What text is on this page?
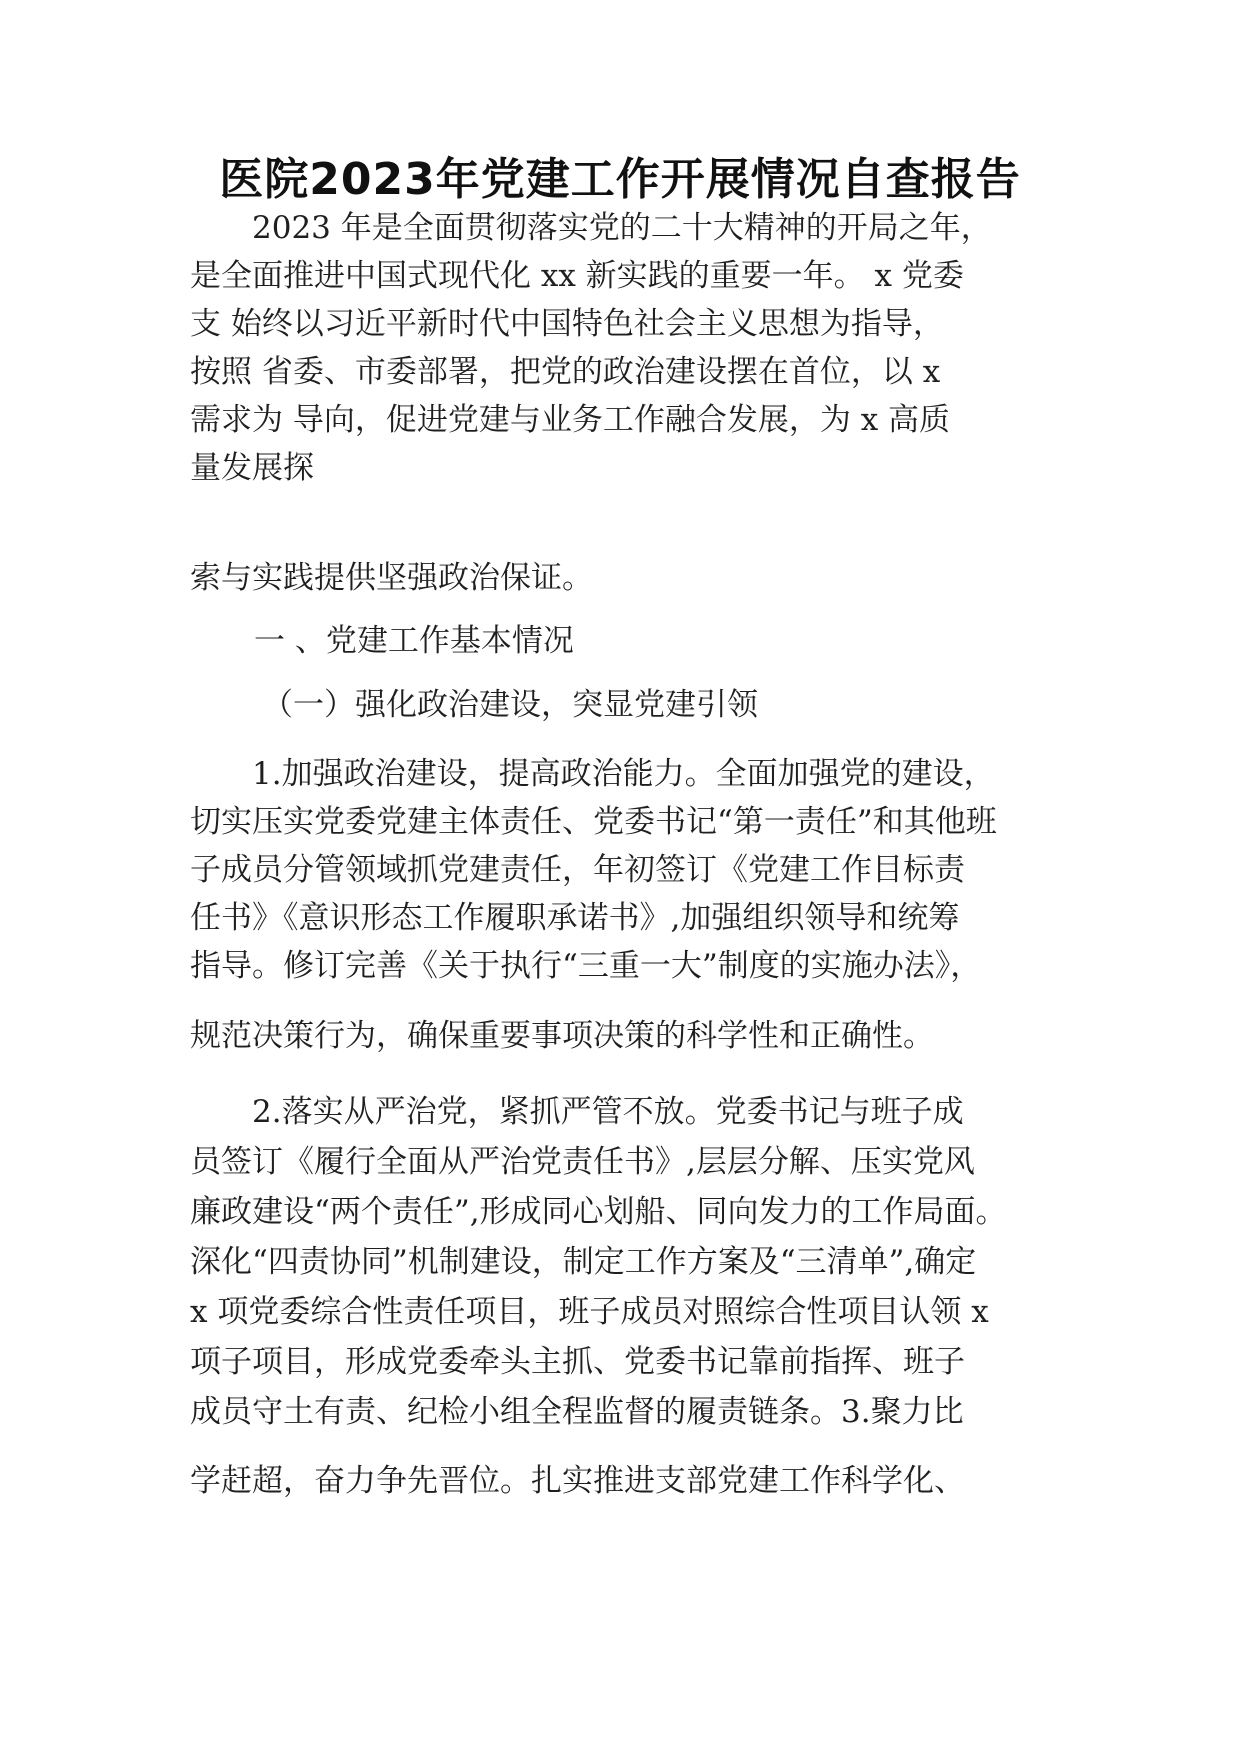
医院2023年党建工作开展情况自查报告
2023 年是全面贯彻落实党的二十大精神的开局之年，
是全面推进中国式现代化 xx 新实践的重要一年。 x 党委
支 始终以习近平新时代中国特色社会主义思想为指导，
按照 省委、市委部署，把党的政治建设摆在首位，以 x
需求为 导向，促进党建与业务工作融合发展，为 x 高质
量发展探
索与实践提供坚强政治保证。
一 、党建工作基本情况
（一）强化政治建设，突显党建引领
1.加强政治建设，提高政治能力。全面加强党的建设，
切实压实党委党建主体责任、党委书记“第一责任”和其他班
子成员分管领域抓党建责任，年初签订《党建工作目标责
任书》《意识形态工作履职承诺书》,加强组织领导和统筹
指导。修订完善《关于执行“三重一大”制度的实施办法》，
规范决策行为，确保重要事项决策的科学性和正确性。
2.落实从严治党，紧抓严管不放。党委书记与班子成
员签订《履行全面从严治党责任书》,层层分解、压实党风
廉政建设“两个责任”,形成同心划船、同向发力的工作局面。
深化“四责协同”机制建设，制定工作方案及“三清单”,确定
x 项党委综合性责任项目，班子成员对照综合性项目认领 x
项子项目，形成党委牵头主抓、党委书记靠前指挥、班子
成员守土有责、纪检小组全程监督的履责链条。3.聚力比
学赶超，奋力争先晋位。扎实推进支部党建工作科学化、
